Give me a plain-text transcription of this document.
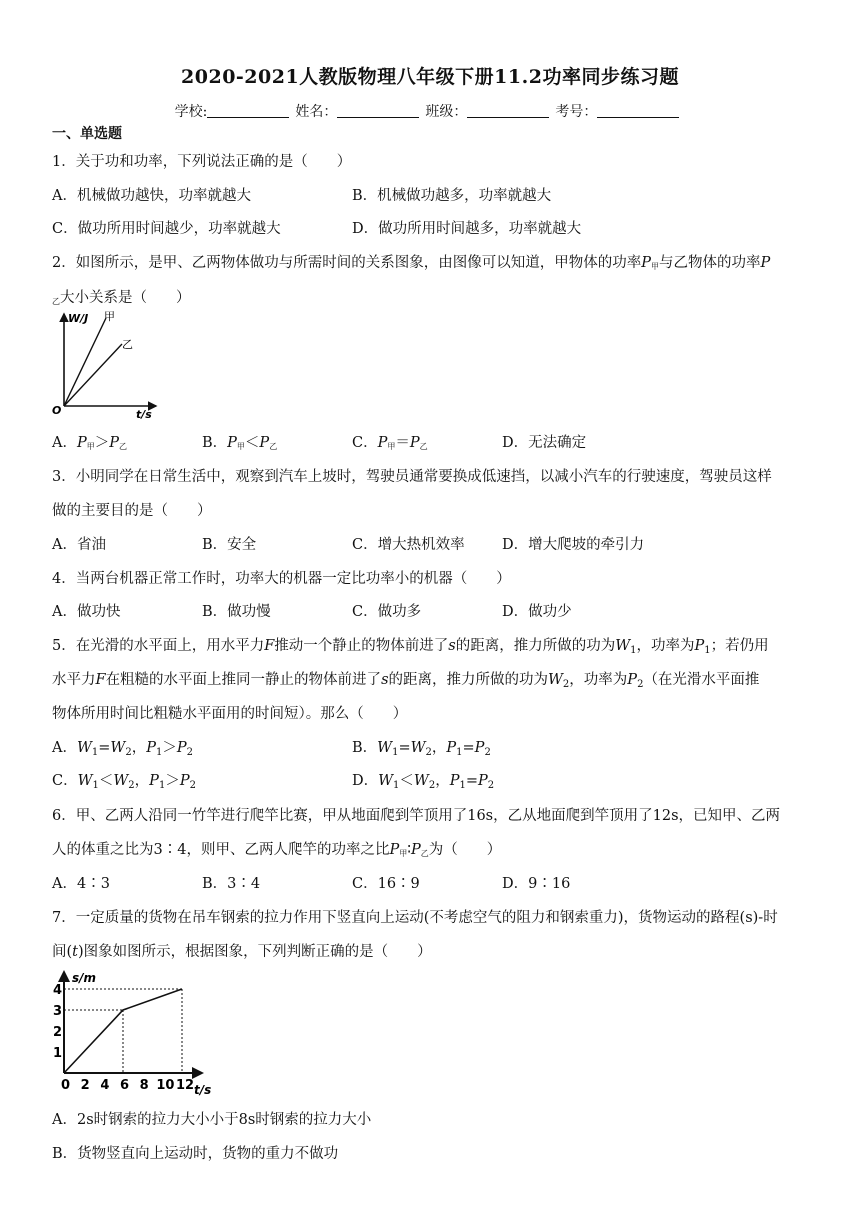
2020-2021人教版物理八年级下册11.2功率同步练习题
学校:	姓名：	班级：	考号：
一、单选题
1．关于功和功率，下列说法正确的是（　　）
A．机械做功越快，功率就越大	B．机械做功越多，功率就越大
C．做功所用时间越少，功率就越大	D．做功所用时间越多，功率就越大
2．如图所示，是甲、乙两物体做功与所需时间的关系图象，由图像可以知道，甲物体的功率$P_甲$与乙物体的功率P
$_乙$大小关系是（　　）
W/J
t/s
O
甲
乙
A．$P_甲>P_乙$	B．$P_甲<P_乙$	C．$P_甲=P_乙$	D．无法确定
3．小明同学在日常生活中，观察到汽车上坡时，驾驶员通常要换成低速挡，以减小汽车的行驶速度，驾驶员这样
做的主要目的是（　　）
A．省油	B．安全	C．增大热机效率	D．增大爬坡的牵引力
4．当两台机器正常工作时，功率大的机器一定比功率小的机器（　　）
A．做功快	B．做功慢	C．做功多	D．做功少
5．在光滑的水平面上，用水平力F推动一个静止的物体前进了s的距离，推力所做的功为$W_1$，功率为$P_1$；若仍用
水平力F在粗糙的水平面上推同一静止的物体前进了s的距离，推力所做的功为$W_2$，功率为$P_2$（在光滑水平面推
物体所用时间比粗糙水平面用的时间短）。那么（　　）
A．$W_1=W_2$，$P_1>P_2$	B．$W_1=W_2$，$P_1=P_2$
C．$W_1<W_2$，$P_1>P_2$	D．$W_1<W_2$，$P_1=P_2$
6．甲、乙两人沿同一竹竿进行爬竿比赛，甲从地面爬到竿顶用了16s，乙从地面爬到竿顶用了12s，已知甲、乙两
人的体重之比为3∶4，则甲、乙两人爬竿的功率之比$P_甲∶P_乙$为（　　）
A．4∶3	B．3∶4	C．16∶9	D．9∶16
7．一定质量的货物在吊车钢索的拉力作用下竖直向上运动(不考虑空气的阻力和钢索重力)，货物运动的路程(s)-时
间(t)图象如图所示，根据图象，下列判断正确的是（　　）
0 2 4 6 8 10 12
1
2
3
4
s/m
t/s
A．2s时钢索的拉力大小小于8s时钢索的拉力大小
B．货物竖直向上运动时，货物的重力不做功
